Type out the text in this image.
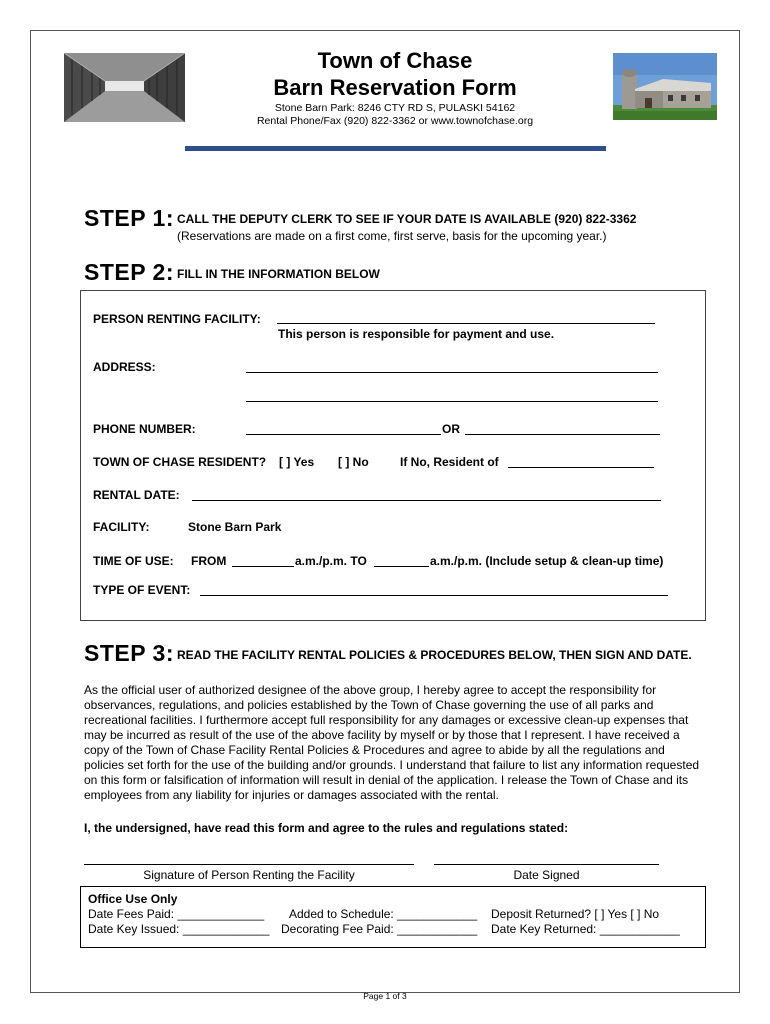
Town of Chase
Barn Reservation Form
Stone Barn Park: 8246 CTY RD S, PULASKI 54162
Rental Phone/Fax (920) 822-3362 or www.townofchase.org
STEP 1: CALL THE DEPUTY CLERK TO SEE IF YOUR DATE IS AVAILABLE (920) 822-3362
(Reservations are made on a first come, first serve, basis for the upcoming year.)
STEP 2: FILL IN THE INFORMATION BELOW
PERSON RENTING FACILITY:
This person is responsible for payment and use.
ADDRESS:
PHONE NUMBER:	OR
TOWN OF CHASE RESIDENT? [ ] Yes [ ] No	If No, Resident of
RENTAL DATE:
FACILITY:	Stone Barn Park
TIME OF USE: FROM	a.m./p.m. TO	a.m./p.m. (Include setup & clean-up time)
TYPE OF EVENT:
STEP 3: READ THE FACILITY RENTAL POLICIES & PROCEDURES BELOW, THEN SIGN AND DATE.
As the official user of authorized designee of the above group, I hereby agree to accept the responsibility for observances, regulations, and policies established by the Town of Chase governing the use of all parks and recreational facilities. I furthermore accept full responsibility for any damages or excessive clean-up expenses that may be incurred as result of the use of the above facility by myself or by those that I represent. I have received a copy of the Town of Chase Facility Rental Policies & Procedures and agree to abide by all the regulations and policies set forth for the use of the building and/or grounds. I understand that failure to list any information requested on this form or falsification of information will result in denial of the application. I release the Town of Chase and its employees from any liability for injuries or damages associated with the rental.
I, the undersigned, have read this form and agree to the rules and regulations stated:
Signature of Person Renting the Facility	Date Signed
Office Use Only
Date Fees Paid: _____________ Added to Schedule: ____________ Deposit Returned? [ ] Yes [ ] No
Date Key Issued: _____________ Decorating Fee Paid: ____________ Date Key Returned: ____________
Page 1 of 3
